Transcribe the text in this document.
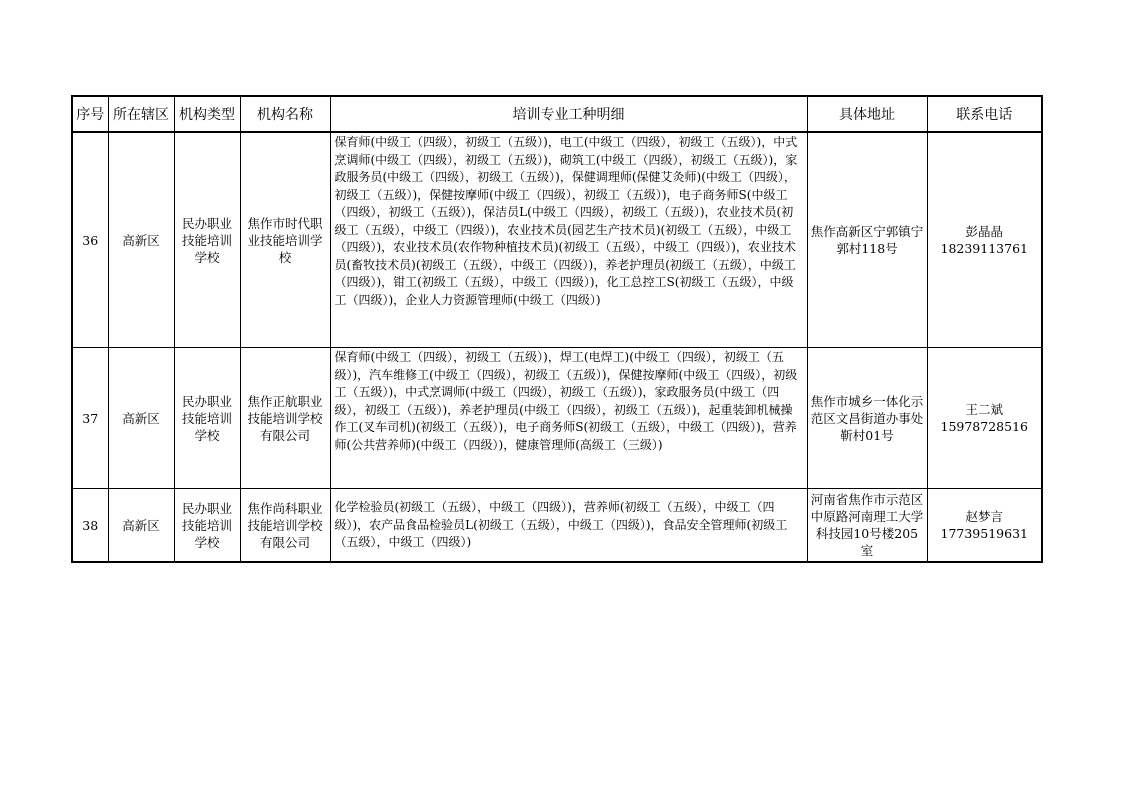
序号	所在辖区	机构类型	机构名称	培训专业工种明细	具体地址	联系电话

36	高新区	民办职业技能培训学校	焦作市时代职业技能培训学校	保育师(中级工（四级），初级工（五级）)，电工(中级工（四级），初级工（五级）)，中式烹调师(中级工（四级），初级工（五级）)，砌筑工(中级工（四级），初级工（五级）)，家政服务员(中级工（四级），初级工（五级）)，保健调理师(保健艾灸师)(中级工（四级），初级工（五级）)，保健按摩师(中级工（四级），初级工（五级）)，电子商务师S(中级工（四级），初级工（五级）)，保洁员L(中级工（四级），初级工（五级）)，农业技术员(初级工（五级），中级工（四级）)，农业技术员(园艺生产技术员)(初级工（五级），中级工（四级）)，农业技术员(农作物种植技术员)(初级工（五级），中级工（四级）)，农业技术员(畜牧技术员)(初级工（五级），中级工（四级）)，养老护理员(初级工（五级），中级工（四级）)，钳工(初级工（五级），中级工（四级）)，化工总控工S(初级工（五级），中级工（四级）)，企业人力资源管理师(中级工（四级）)	焦作高新区宁郭镇宁郭村118号	彭晶晶
18239113761

37	高新区	民办职业技能培训学校	焦作正航职业技能培训学校有限公司	保育师(中级工（四级），初级工（五级）)，焊工(电焊工)(中级工（四级），初级工（五级）)，汽车维修工(中级工（四级），初级工（五级）)，保健按摩师(中级工（四级），初级工（五级）)，中式烹调师(中级工（四级），初级工（五级）)，家政服务员(中级工（四级），初级工（五级）)，养老护理员(中级工（四级），初级工（五级）)，起重装卸机械操作工(叉车司机)(初级工（五级）)，电子商务师S(初级工（五级），中级工（四级）)，营养师(公共营养师)(中级工（四级）)，健康管理师(高级工（三级）)	焦作市城乡一体化示范区文昌街道办事处靳村01号	王二斌
15978728516

38	高新区	民办职业技能培训学校	焦作尚科职业技能培训学校有限公司	化学检验员(初级工（五级），中级工（四级）)，营养师(初级工（五级），中级工（四级）)，农产品食品检验员L(初级工（五级），中级工（四级）)，食品安全管理师(初级工（五级），中级工（四级）)	河南省焦作市示范区中原路河南理工大学科技园10号楼205室	赵梦言
17739519631
